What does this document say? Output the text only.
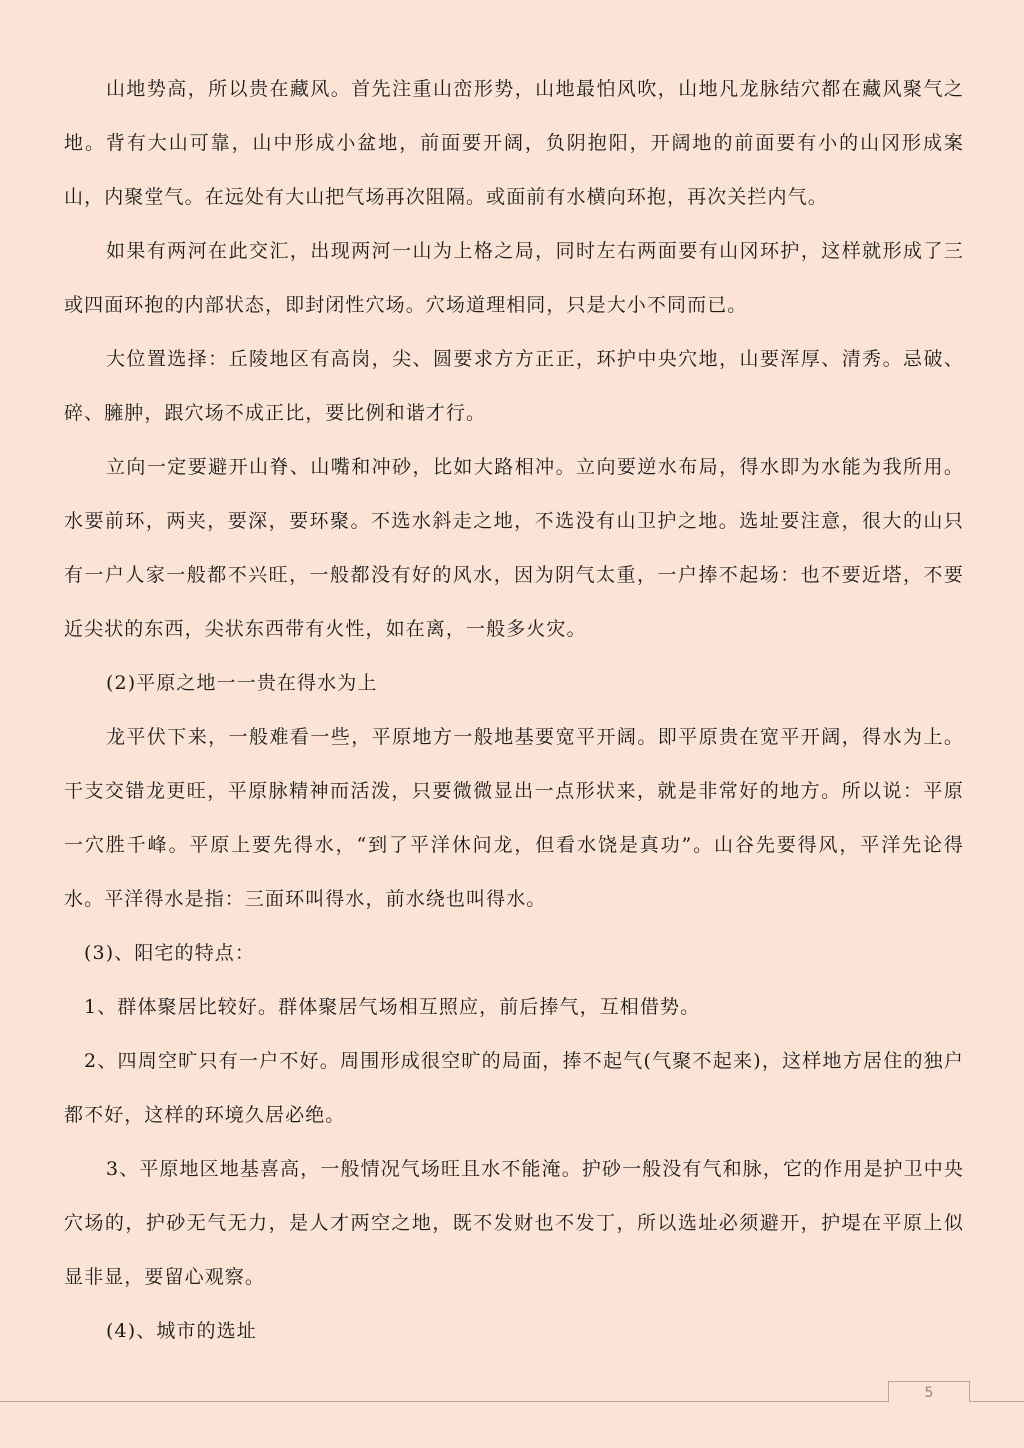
山地势高，所以贵在藏风。首先注重山峦形势，山地最怕风吹，山地凡龙脉结穴都在藏风聚气之地。背有大山可靠，山中形成小盆地，前面要开阔，负阴抱阳，开阔地的前面要有小的山冈形成案山，内聚堂气。在远处有大山把气场再次阻隔。或面前有水横向环抱，再次关拦内气。

如果有两河在此交汇，出现两河一山为上格之局，同时左右两面要有山冈环护，这样就形成了三或四面环抱的内部状态，即封闭性穴场。穴场道理相同，只是大小不同而已。

大位置选择：丘陵地区有高岗，尖、圆要求方方正正，环护中央穴地，山要浑厚、清秀。忌破、碎、臃肿，跟穴场不成正比，要比例和谐才行。

立向一定要避开山脊、山嘴和冲砂，比如大路相冲。立向要逆水布局，得水即为水能为我所用。水要前环，两夹，要深，要环聚。不选水斜走之地，不选没有山卫护之地。选址要注意，很大的山只有一户人家一般都不兴旺，一般都没有好的风水，因为阴气太重，一户捧不起场：也不要近塔，不要近尖状的东西，尖状东西带有火性，如在离，一般多火灾。

(2)平原之地一一贵在得水为上

龙平伏下来，一般难看一些，平原地方一般地基要宽平开阔。即平原贵在宽平开阔，得水为上。干支交错龙更旺，平原脉精神而活泼，只要微微显出一点形状来，就是非常好的地方。所以说：平原一穴胜千峰。平原上要先得水，“到了平洋休问龙，但看水饶是真功”。山谷先要得风，平洋先论得水。平洋得水是指：三面环叫得水，前水绕也叫得水。

(3)、阳宅的特点：

1、群体聚居比较好。群体聚居气场相互照应，前后捧气，互相借势。

2、四周空旷只有一户不好。周围形成很空旷的局面，捧不起气(气聚不起来)，这样地方居住的独户都不好，这样的环境久居必绝。

3、平原地区地基喜高，一般情况气场旺且水不能淹。护砂一般没有气和脉，它的作用是护卫中央穴场的，护砂无气无力，是人才两空之地，既不发财也不发丁，所以选址必须避开，护堤在平原上似显非显，要留心观察。

(4)、城市的选址

5
